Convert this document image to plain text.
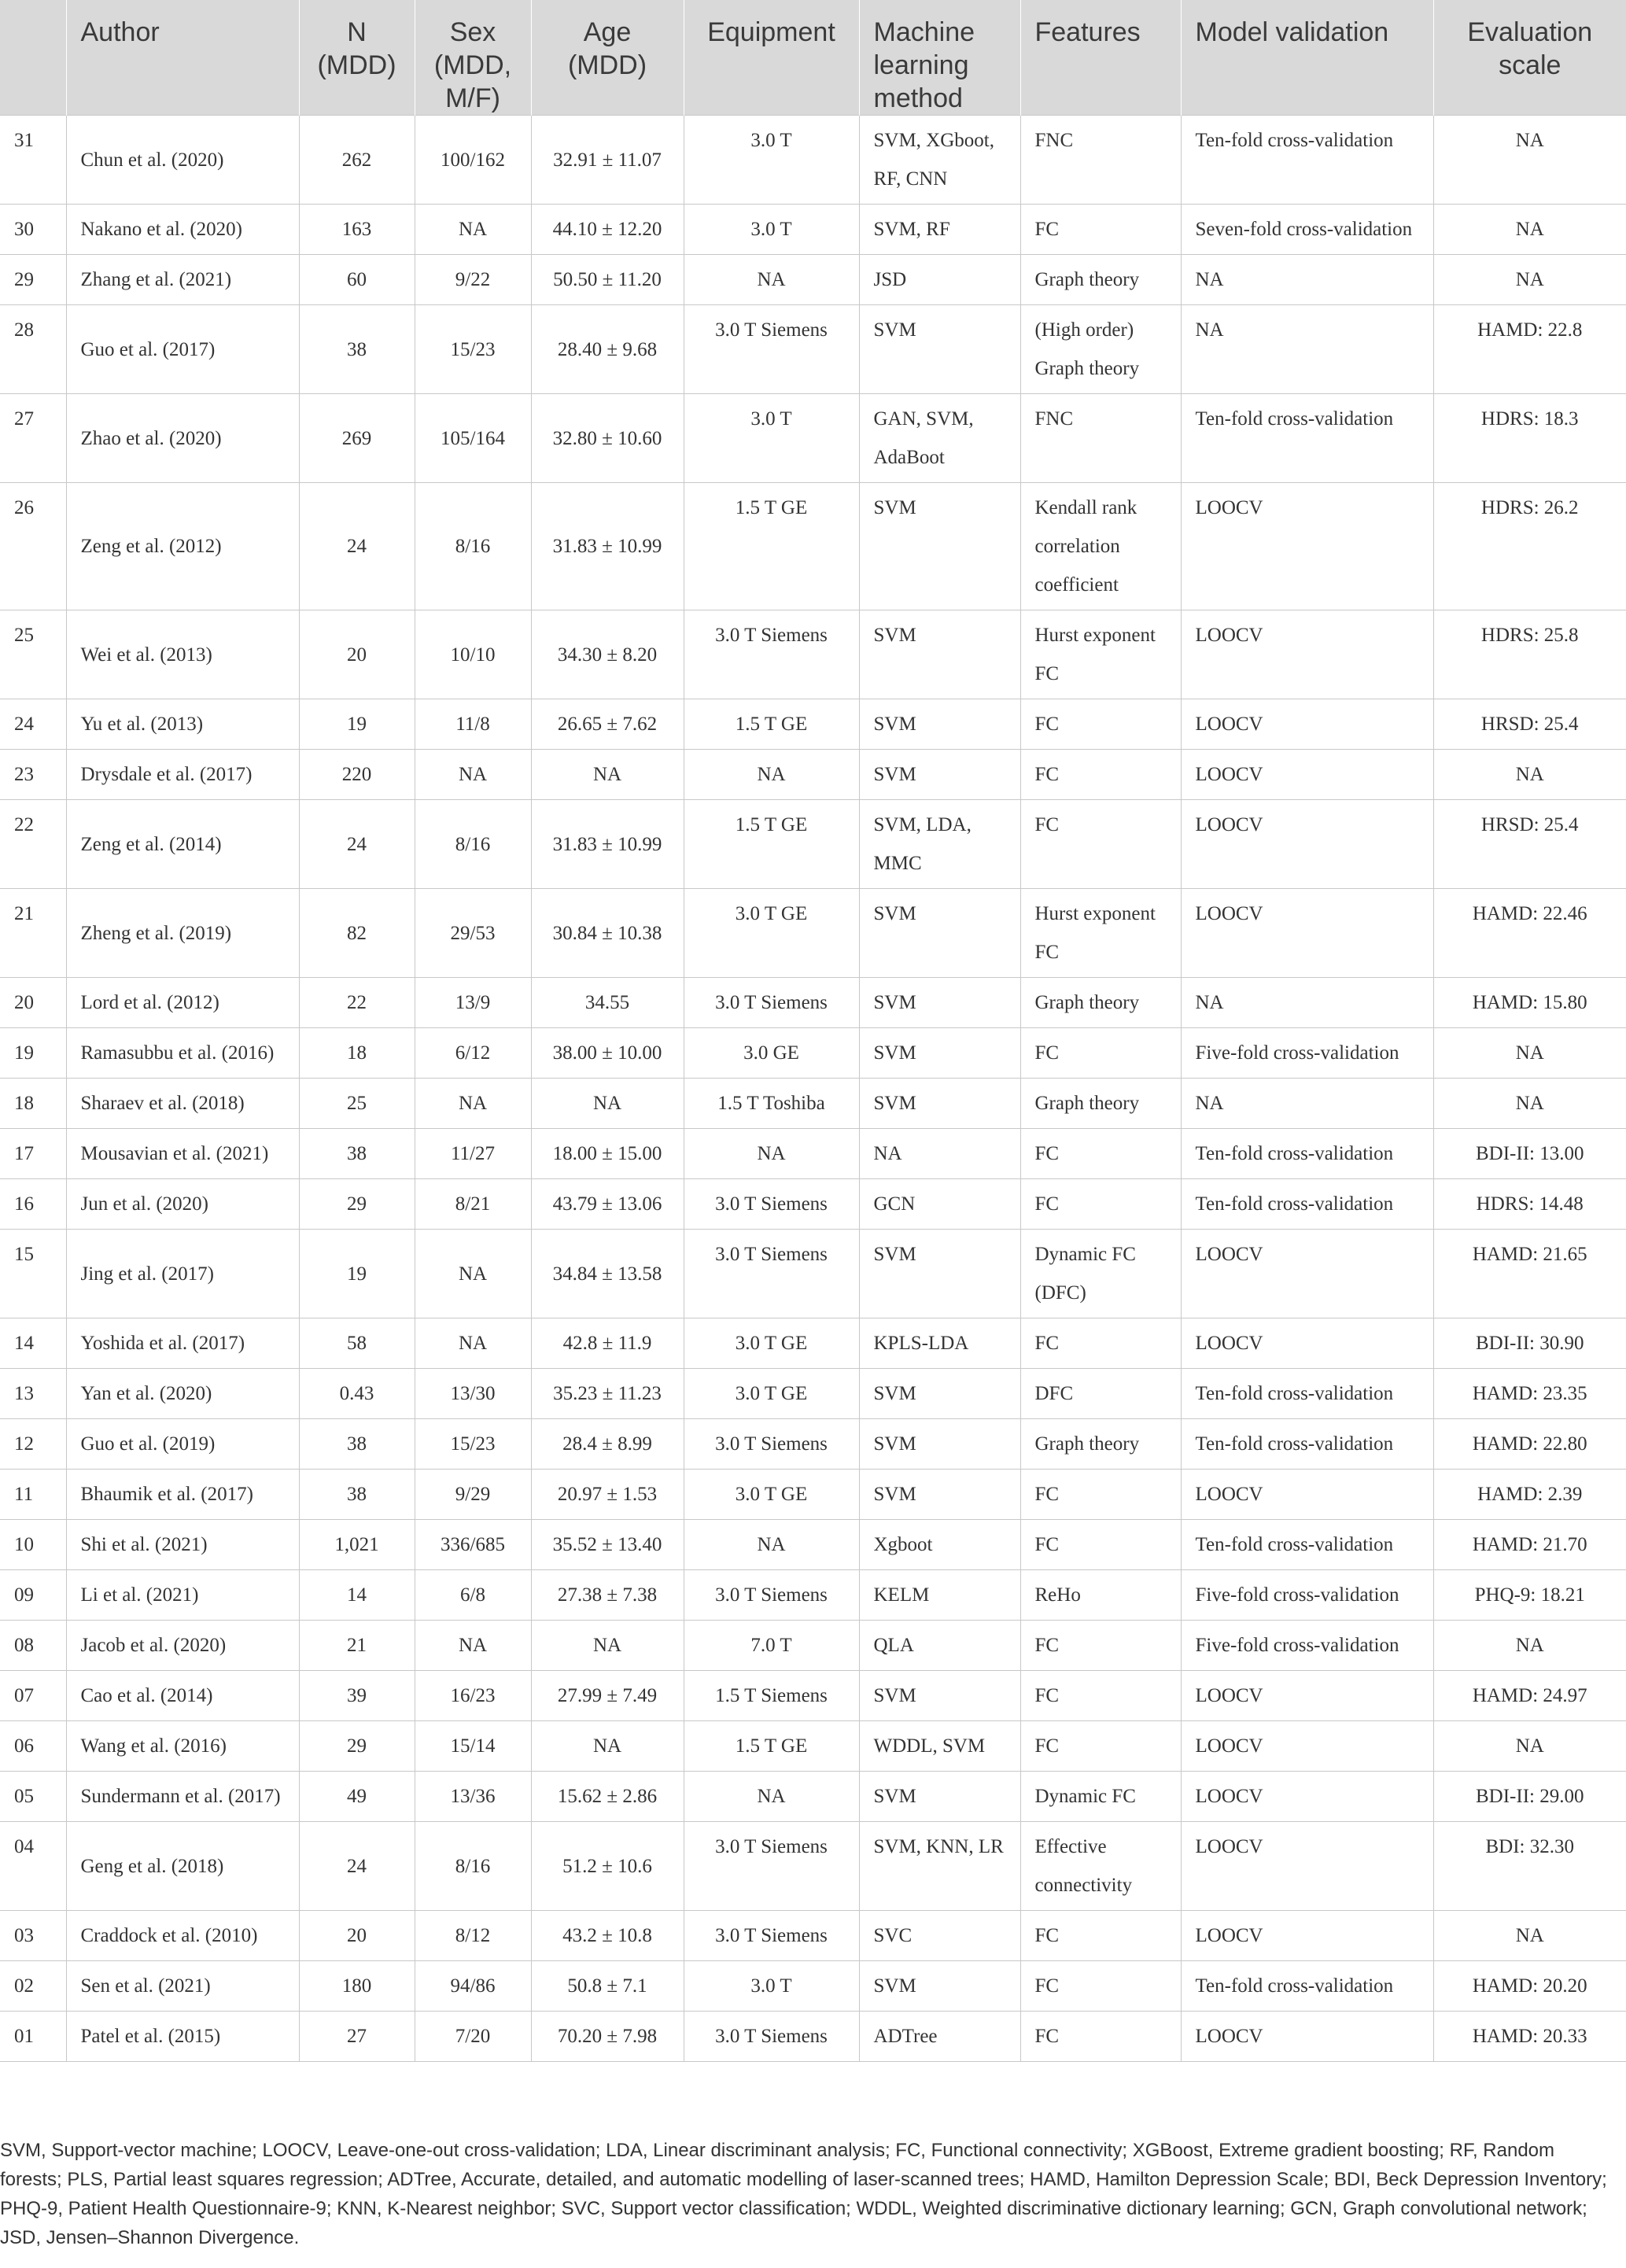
	Author	N (MDD)	Sex (MDD, M/F)	Age (MDD)	Equipment	Machine learning method	Features	Model validation	Evaluation scale
31	Chun et al. (2020)	262	100/162	32.91 ± 11.07	3.0 T	SVM, XGboot, RF, CNN	FNC	Ten-fold cross-validation	NA
30	Nakano et al. (2020)	163	NA	44.10 ± 12.20	3.0 T	SVM, RF	FC	Seven-fold cross-validation	NA
29	Zhang et al. (2021)	60	9/22	50.50 ± 11.20	NA	JSD	Graph theory	NA	NA
28	Guo et al. (2017)	38	15/23	28.40 ± 9.68	3.0 T Siemens	SVM	(High order) Graph theory	NA	HAMD: 22.8
27	Zhao et al. (2020)	269	105/164	32.80 ± 10.60	3.0 T	GAN, SVM, AdaBoot	FNC	Ten-fold cross-validation	HDRS: 18.3
26	Zeng et al. (2012)	24	8/16	31.83 ± 10.99	1.5 T GE	SVM	Kendall rank correlation coefficient	LOOCV	HDRS: 26.2
25	Wei et al. (2013)	20	10/10	34.30 ± 8.20	3.0 T Siemens	SVM	Hurst exponent FC	LOOCV	HDRS: 25.8
24	Yu et al. (2013)	19	11/8	26.65 ± 7.62	1.5 T GE	SVM	FC	LOOCV	HRSD: 25.4
23	Drysdale et al. (2017)	220	NA	NA	NA	SVM	FC	LOOCV	NA
22	Zeng et al. (2014)	24	8/16	31.83 ± 10.99	1.5 T GE	SVM, LDA, MMC	FC	LOOCV	HRSD: 25.4
21	Zheng et al. (2019)	82	29/53	30.84 ± 10.38	3.0 T GE	SVM	Hurst exponent FC	LOOCV	HAMD: 22.46
20	Lord et al. (2012)	22	13/9	34.55	3.0 T Siemens	SVM	Graph theory	NA	HAMD: 15.80
19	Ramasubbu et al. (2016)	18	6/12	38.00 ± 10.00	3.0 GE	SVM	FC	Five-fold cross-validation	NA
18	Sharaev et al. (2018)	25	NA	NA	1.5 T Toshiba	SVM	Graph theory	NA	NA
17	Mousavian et al. (2021)	38	11/27	18.00 ± 15.00	NA	NA	FC	Ten-fold cross-validation	BDI-II: 13.00
16	Jun et al. (2020)	29	8/21	43.79 ± 13.06	3.0 T Siemens	GCN	FC	Ten-fold cross-validation	HDRS: 14.48
15	Jing et al. (2017)	19	NA	34.84 ± 13.58	3.0 T Siemens	SVM	Dynamic FC (DFC)	LOOCV	HAMD: 21.65
14	Yoshida et al. (2017)	58	NA	42.8 ± 11.9	3.0 T GE	KPLS-LDA	FC	LOOCV	BDI-II: 30.90
13	Yan et al. (2020)	0.43	13/30	35.23 ± 11.23	3.0 T GE	SVM	DFC	Ten-fold cross-validation	HAMD: 23.35
12	Guo et al. (2019)	38	15/23	28.4 ± 8.99	3.0 T Siemens	SVM	Graph theory	Ten-fold cross-validation	HAMD: 22.80
11	Bhaumik et al. (2017)	38	9/29	20.97 ± 1.53	3.0 T GE	SVM	FC	LOOCV	HAMD: 2.39
10	Shi et al. (2021)	1,021	336/685	35.52 ± 13.40	NA	Xgboot	FC	Ten-fold cross-validation	HAMD: 21.70
09	Li et al. (2021)	14	6/8	27.38 ± 7.38	3.0 T Siemens	KELM	ReHo	Five-fold cross-validation	PHQ-9: 18.21
08	Jacob et al. (2020)	21	NA	NA	7.0 T	QLA	FC	Five-fold cross-validation	NA
07	Cao et al. (2014)	39	16/23	27.99 ± 7.49	1.5 T Siemens	SVM	FC	LOOCV	HAMD: 24.97
06	Wang et al. (2016)	29	15/14	NA	1.5 T GE	WDDL, SVM	FC	LOOCV	NA
05	Sundermann et al. (2017)	49	13/36	15.62 ± 2.86	NA	SVM	Dynamic FC	LOOCV	BDI-II: 29.00
04	Geng et al. (2018)	24	8/16	51.2 ± 10.6	3.0 T Siemens	SVM, KNN, LR	Effective connectivity	LOOCV	BDI: 32.30
03	Craddock et al. (2010)	20	8/12	43.2 ± 10.8	3.0 T Siemens	SVC	FC	LOOCV	NA
02	Sen et al. (2021)	180	94/86	50.8 ± 7.1	3.0 T	SVM	FC	Ten-fold cross-validation	HAMD: 20.20
01	Patel et al. (2015)	27	7/20	70.20 ± 7.98	3.0 T Siemens	ADTree	FC	LOOCV	HAMD: 20.33

SVM, Support-vector machine; LOOCV, Leave-one-out cross-validation; LDA, Linear discriminant analysis; FC, Functional connectivity; XGBoost, Extreme gradient boosting; RF, Random forests; PLS, Partial least squares regression; ADTree, Accurate, detailed, and automatic modelling of laser-scanned trees; HAMD, Hamilton Depression Scale; BDI, Beck Depression Inventory; PHQ-9, Patient Health Questionnaire-9; KNN, K-Nearest neighbor; SVC, Support vector classification; WDDL, Weighted discriminative dictionary learning; GCN, Graph convolutional network; JSD, Jensen–Shannon Divergence.
